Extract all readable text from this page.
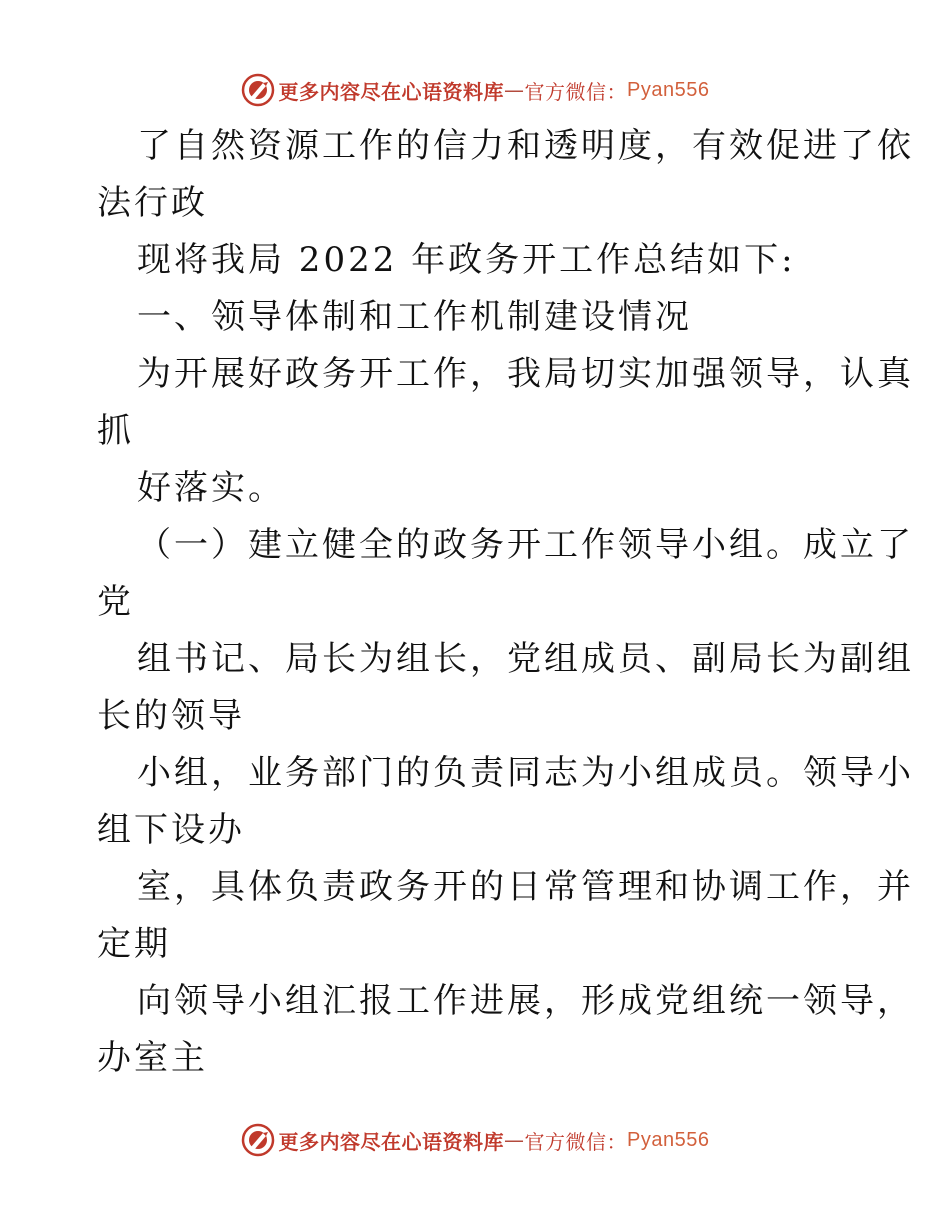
更多内容尽在心语资料库 — 官方微信： Pyan556
了自然资源工作的信力和透明度，有效促进了依
法行政
现将我局 2022 年政务开工作总结如下:
一、领导体制和工作机制建设情况
为开展好政务开工作，我局切实加强领导，认真
抓
好落实。
（一）建立健全的政务开工作领导小组。成立了
党
组书记、局长为组长，党组成员、副局长为副组
长的领导
小组，业务部门的负责同志为小组成员。领导小
组下设办
室，具体负责政务开的日常管理和协调工作，并
定期
向领导小组汇报工作进展，形成党组统一领导，
办室主
更多内容尽在心语资料库 — 官方微信： Pyan556
